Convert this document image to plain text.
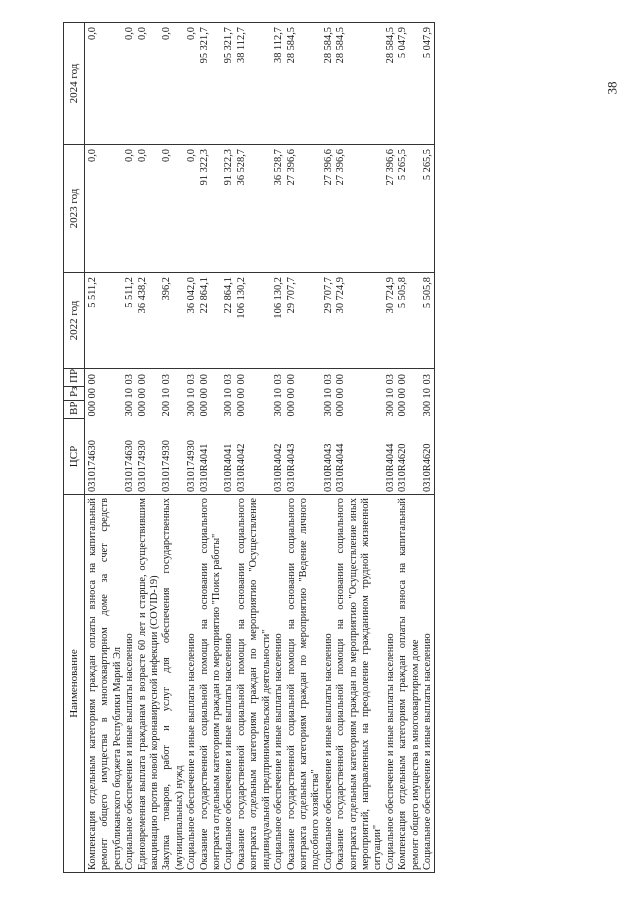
38
Наименование	ЦСР	ВР	Рз	ПР	2022 год	2023 год	2024 год
Компенсация отдельным категориям граждан оплаты взноса на капитальный ремонт общего имущества в многоквартирном доме за счет средств республиканского бюджета Республики Марий Эл	0310174630	000	00	00	5 511,2	0,0	0,0
Социальное обеспечение и иные выплаты населению	0310174630	300	10	03	5 511,2	0,0	0,0
Единовременная выплата гражданам в возрасте 60 лет и старше, осуществившим вакцинацию против новой коронавирусной инфекции (COVID-19)	0310174930	000	00	00	36 438,2	0,0	0,0
Закупка товаров, работ и услуг для обеспечения государственных (муниципальных) нужд	0310174930	200	10	03	396,2	0,0	0,0
Социальное обеспечение и иные выплаты населению	0310174930	300	10	03	36 042,0	0,0	0,0
Оказание государственной социальной помощи на основании социального контракта отдельным категориям граждан по мероприятию "Поиск работы"	0310R4041	000	00	00	22 864,1	91 322,3	95 321,7
Социальное обеспечение и иные выплаты населению	0310R4041	300	10	03	22 864,1	91 322,3	95 321,7
Оказание государственной социальной помощи на основании социального контракта отдельным категориям граждан по мероприятию "Осуществление индивидуальной предпринимательской деятельности"	0310R4042	000	00	00	106 130,2	36 528,7	38 112,7
Социальное обеспечение и иные выплаты населению	0310R4042	300	10	03	106 130,2	36 528,7	38 112,7
Оказание государственной социальной помощи на основании социального контракта отдельным категориям граждан по мероприятию "Ведение личного подсобного хозяйства"	0310R4043	000	00	00	29 707,7	27 396,6	28 584,5
Социальное обеспечение и иные выплаты населению	0310R4043	300	10	03	29 707,7	27 396,6	28 584,5
Оказание государственной социальной помощи на основании социального контракта отдельным категориям граждан по мероприятию "Осуществление иных мероприятий, направленных на преодоление гражданином трудной жизненной ситуации"	0310R4044	000	00	00	30 724,9	27 396,6	28 584,5
Социальное обеспечение и иные выплаты населению	0310R4044	300	10	03	30 724,9	27 396,6	28 584,5
Компенсация отдельным категориям граждан оплаты взноса на капитальный ремонт общего имущества в многоквартирном доме	0310R4620	000	00	00	5 505,8	5 265,5	5 047,9
Социальное обеспечение и иные выплаты населению	0310R4620	300	10	03	5 505,8	5 265,5	5 047,9
